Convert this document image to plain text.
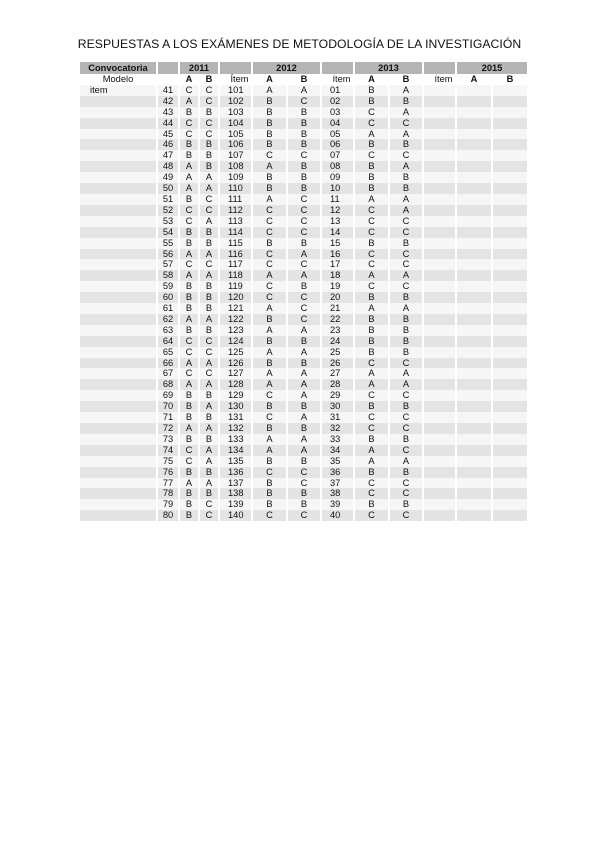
RESPUESTAS A LOS EXÁMENES DE METODOLOGÍA DE LA INVESTIGACIÓN
Convocatoria		2011			2012			2013			2015	
Modelo		A	B	Ítem	A	B	ítem	A	B	ítem	A	B
item	41	C	C	101	A	A	01	B	A			
	42	A	C	102	B	C	02	B	B			
	43	B	B	103	B	B	03	C	A			
	44	C	C	104	B	B	04	C	C			
	45	C	C	105	B	B	05	A	A			
	46	B	B	106	B	B	06	B	B			
	47	B	B	107	C	C	07	C	C			
	48	A	B	108	A	B	08	B	A			
	49	A	A	109	B	B	09	B	B			
	50	A	A	110	B	B	10	B	B			
	51	B	C	111	A	C	11	A	A			
	52	C	C	112	C	C	12	C	A			
	53	C	A	113	C	C	13	C	C			
	54	B	B	114	C	C	14	C	C			
	55	B	B	115	B	B	15	B	B			
	56	A	A	116	C	A	16	C	C			
	57	C	C	117	C	C	17	C	C			
	58	A	A	118	A	A	18	A	A			
	59	B	B	119	C	B	19	C	C			
	60	B	B	120	C	C	20	B	B			
	61	B	B	121	A	C	21	A	A			
	62	A	A	122	B	C	22	B	B			
	63	B	B	123	A	A	23	B	B			
	64	C	C	124	B	B	24	B	B			
	65	C	C	125	A	A	25	B	B			
	66	A	A	126	B	B	26	C	C			
	67	C	C	127	A	A	27	A	A			
	68	A	A	128	A	A	28	A	A			
	69	B	B	129	C	A	29	C	C			
	70	B	A	130	B	B	30	B	B			
	71	B	B	131	C	A	31	C	C			
	72	A	A	132	B	B	32	C	C			
	73	B	B	133	A	A	33	B	B			
	74	C	A	134	A	A	34	A	C			
	75	C	A	135	B	B	35	A	A			
	76	B	B	136	C	C	36	B	B			
	77	A	A	137	B	C	37	C	C			
	78	B	B	138	B	B	38	C	C			
	79	B	C	139	B	B	39	B	B			
	80	B	C	140	C	C	40	C	C			
